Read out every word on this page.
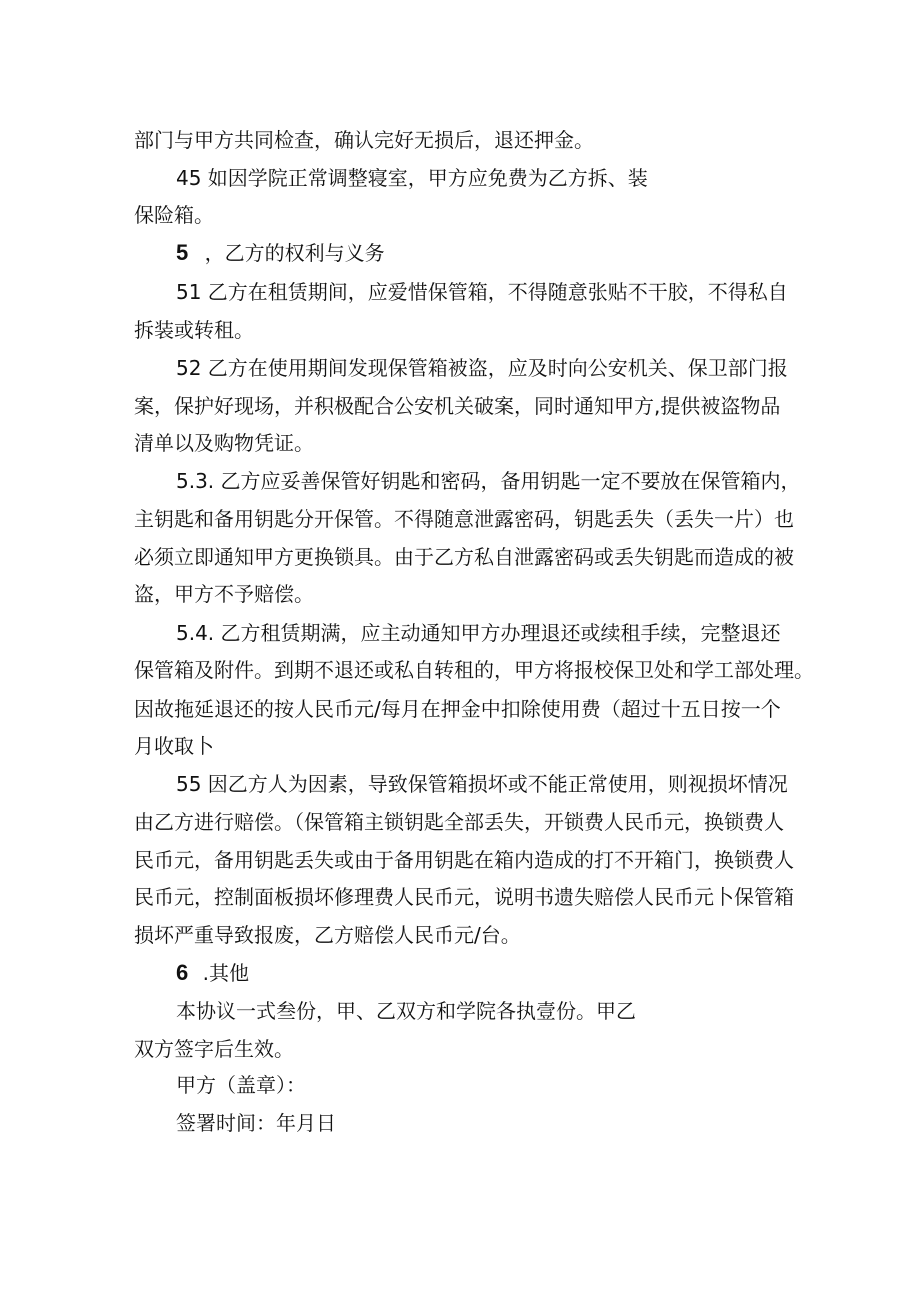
部门与甲方共同检查，确认完好无损后，退还押金。
45 如因学院正常调整寝室，甲方应免费为乙方拆、装
保险箱。
5 ，乙方的权利与义务
51 乙方在租赁期间，应爱惜保管箱，不得随意张贴不干胶，不得私自
拆装或转租。
52 乙方在使用期间发现保管箱被盗，应及时向公安机关、保卫部门报
案，保护好现场，并积极配合公安机关破案，同时通知甲方,提供被盗物品
清单以及购物凭证。
5.3. 乙方应妥善保管好钥匙和密码，备用钥匙一定不要放在保管箱内，
主钥匙和备用钥匙分开保管。不得随意泄露密码，钥匙丢失（丢失一片）也
必须立即通知甲方更换锁具。由于乙方私自泄露密码或丢失钥匙而造成的被
盗，甲方不予赔偿。
5.4. 乙方租赁期满，应主动通知甲方办理退还或续租手续，完整退还
保管箱及附件。到期不退还或私自转租的，甲方将报校保卫处和学工部处理。
因故拖延退还的按人民币元/每月在押金中扣除使用费（超过十五日按一个
月收取卜
55 因乙方人为因素，导致保管箱损坏或不能正常使用，则视损坏情况
由乙方进行赔偿。（保管箱主锁钥匙全部丢失，开锁费人民币元，换锁费人
民币元，备用钥匙丢失或由于备用钥匙在箱内造成的打不开箱门，换锁费人
民币元，控制面板损坏修理费人民币元，说明书遗失赔偿人民币元卜保管箱
损坏严重导致报废，乙方赔偿人民币元/台。
6 .其他
本协议一式叁份，甲、乙双方和学院各执壹份。甲乙
双方签字后生效。
甲方（盖章）：
签署时间：年月日
